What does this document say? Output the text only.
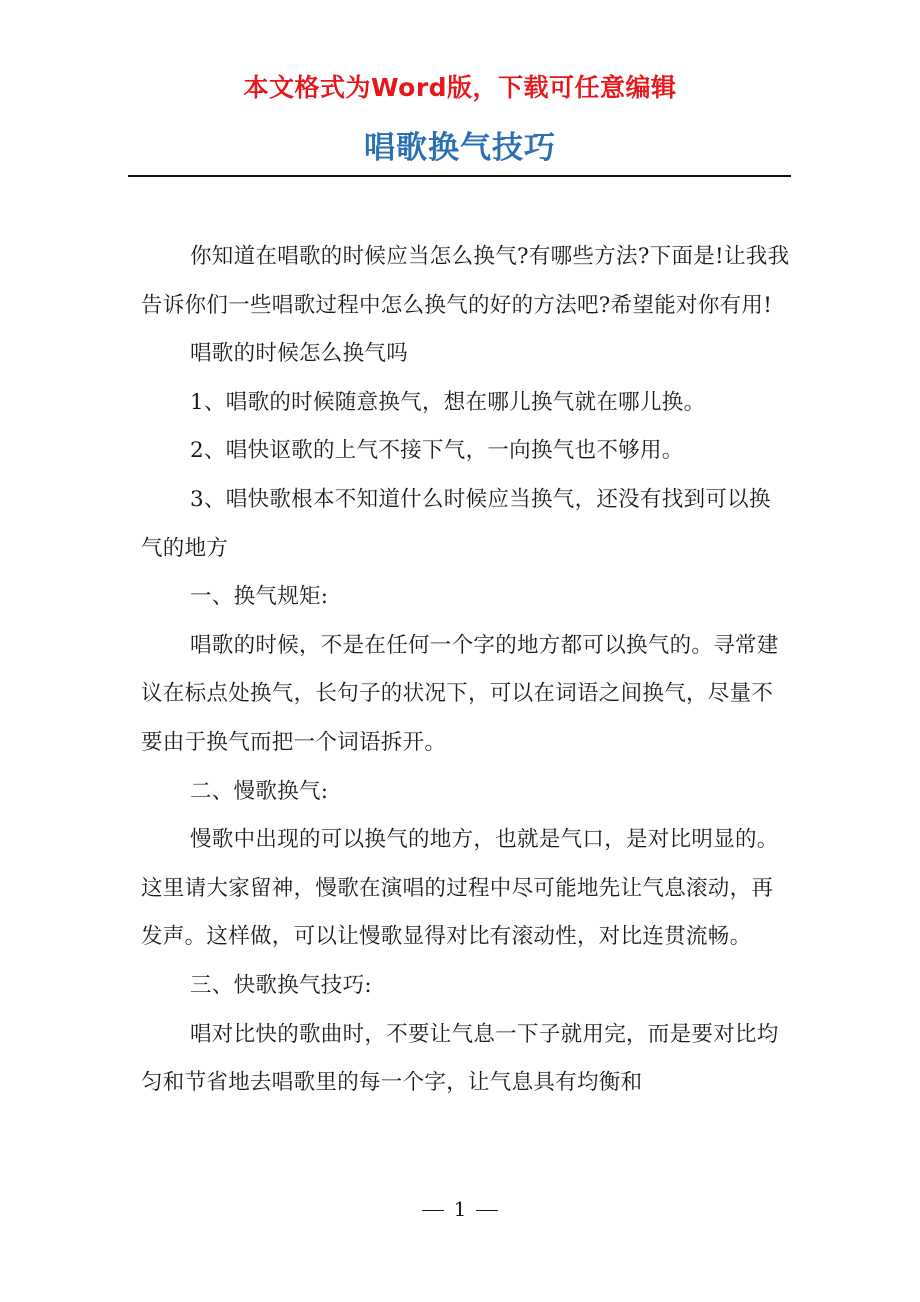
本文格式为Word版，下载可任意编辑
唱歌换气技巧

你知道在唱歌的时候应当怎么换气?有哪些方法?下面是!让我我告诉你们一些唱歌过程中怎么换气的好的方法吧?希望能对你有用!

唱歌的时候怎么换气吗

1、唱歌的时候随意换气，想在哪儿换气就在哪儿换。

2、唱快讴歌的上气不接下气，一向换气也不够用。

3、唱快歌根本不知道什么时候应当换气，还没有找到可以换气的地方

一、换气规矩:

唱歌的时候，不是在任何一个字的地方都可以换气的。寻常建议在标点处换气，长句子的状况下，可以在词语之间换气，尽量不要由于换气而把一个词语拆开。

二、慢歌换气:

慢歌中出现的可以换气的地方，也就是气口，是对比明显的。这里请大家留神，慢歌在演唱的过程中尽可能地先让气息滚动，再发声。这样做，可以让慢歌显得对比有滚动性，对比连贯流畅。

三、快歌换气技巧:

唱对比快的歌曲时，不要让气息一下子就用完，而是要对比均匀和节省地去唱歌里的每一个字，让气息具有均衡和

1
